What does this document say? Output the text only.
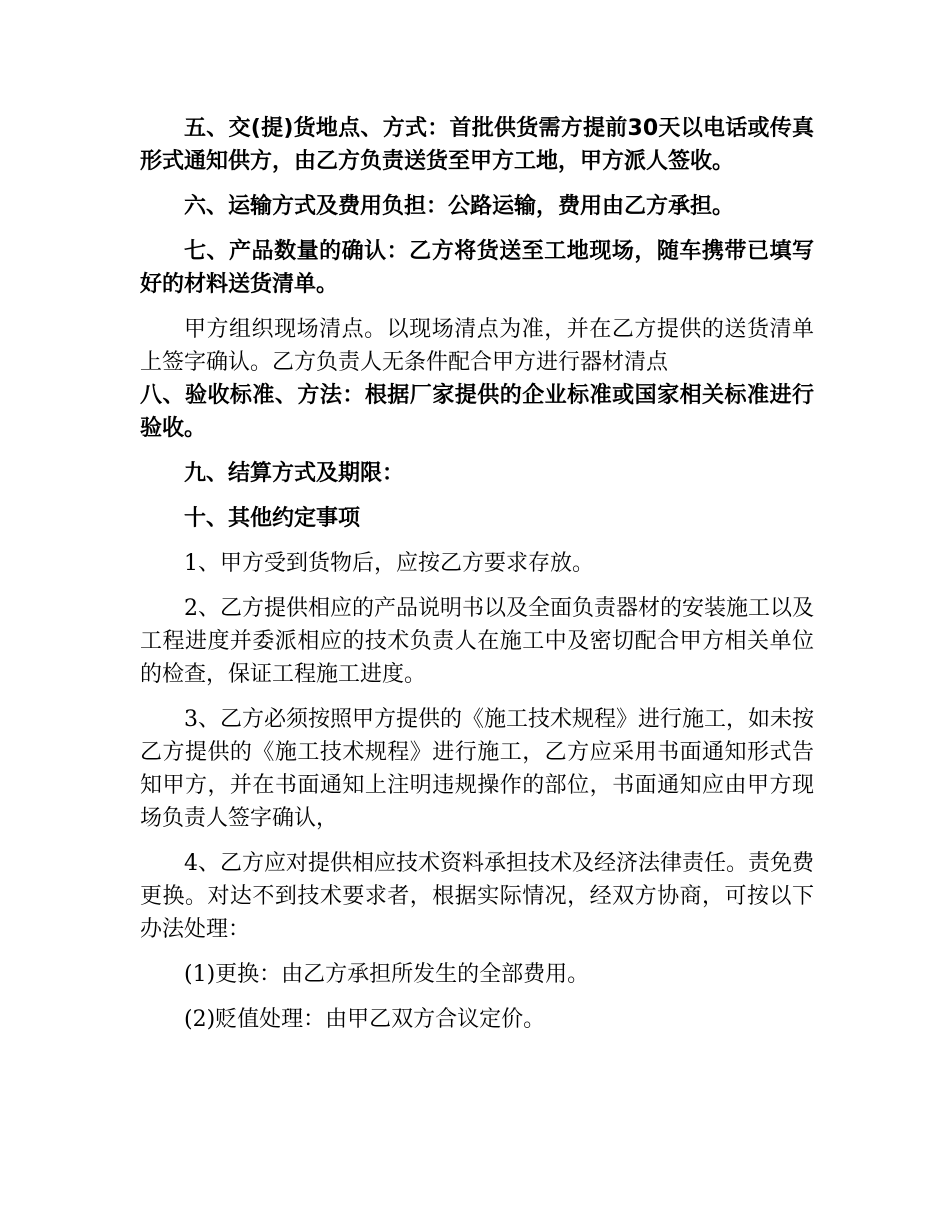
五、交(提)货地点、方式：首批供货需方提前30天以电话或传真形式通知供方，由乙方负责送货至甲方工地，甲方派人签收。

六、运输方式及费用负担：公路运输，费用由乙方承担。

七、产品数量的确认：乙方将货送至工地现场，随车携带已填写好的材料送货清单。

甲方组织现场清点。以现场清点为准，并在乙方提供的送货清单上签字确认。乙方负责人无条件配合甲方进行器材清点

八、验收标准、方法：根据厂家提供的企业标准或国家相关标准进行验收。

九、结算方式及期限：

十、其他约定事项

1、甲方受到货物后，应按乙方要求存放。

2、乙方提供相应的产品说明书以及全面负责器材的安装施工以及工程进度并委派相应的技术负责人在施工中及密切配合甲方相关单位的检查，保证工程施工进度。

3、乙方必须按照甲方提供的《施工技术规程》进行施工，如未按乙方提供的《施工技术规程》进行施工，乙方应采用书面通知形式告知甲方，并在书面通知上注明违规操作的部位，书面通知应由甲方现场负责人签字确认，

4、乙方应对提供相应技术资料承担技术及经济法律责任。责免费更换。对达不到技术要求者，根据实际情况，经双方协商，可按以下办法处理：

(1)更换：由乙方承担所发生的全部费用。

(2)贬值处理：由甲乙双方合议定价。
